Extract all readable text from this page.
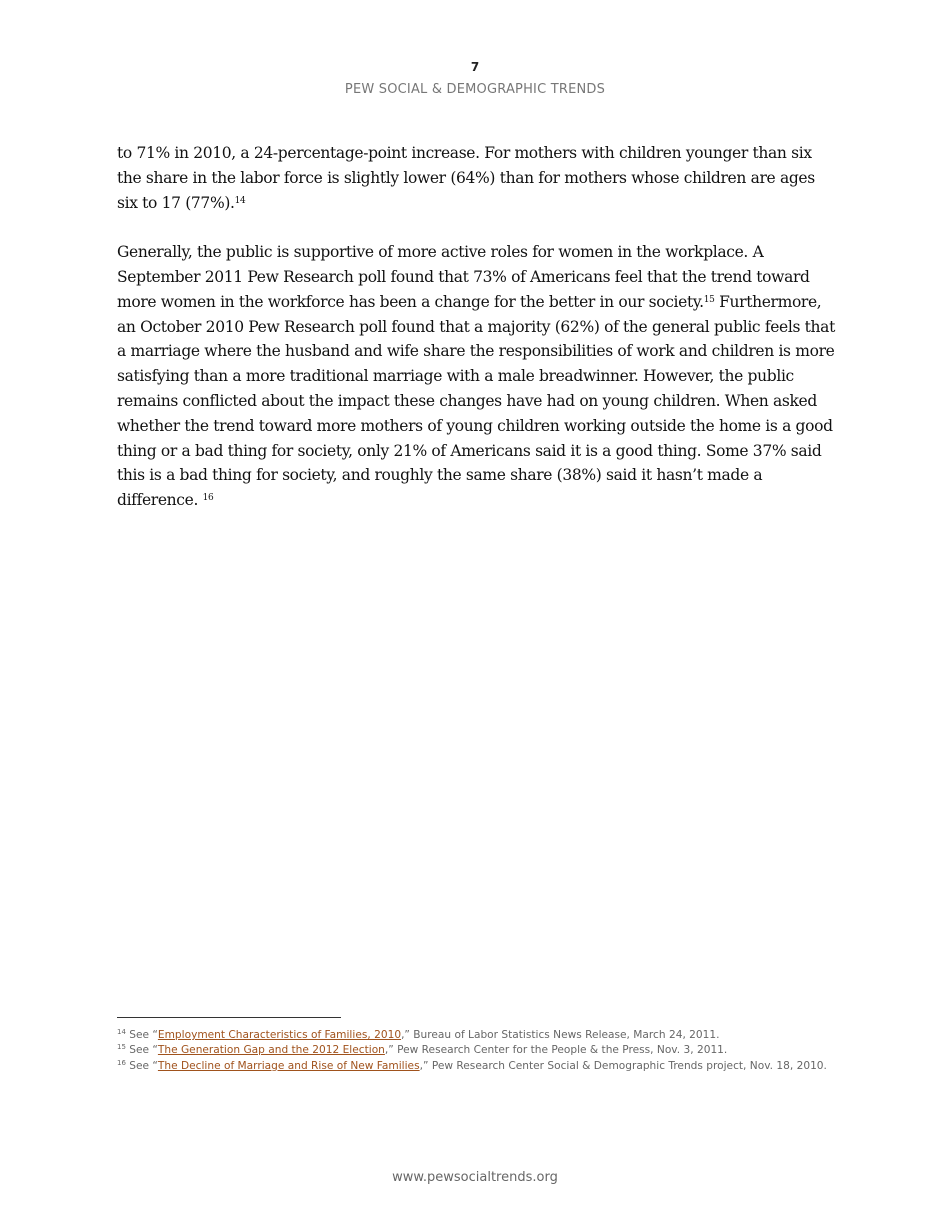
7
PEW SOCIAL & DEMOGRAPHIC TRENDS

to 71% in 2010, a 24-percentage-point increase. For mothers with children younger than six the share in the labor force is slightly lower (64%) than for mothers whose children are ages six to 17 (77%).$^{14}$

Generally, the public is supportive of more active roles for women in the workplace. A September 2011 Pew Research poll found that 73% of Americans feel that the trend toward more women in the workforce has been a change for the better in our society.$^{15}$ Furthermore, an October 2010 Pew Research poll found that a majority (62%) of the general public feels that a marriage where the husband and wife share the responsibilities of work and children is more satisfying than a more traditional marriage with a male breadwinner. However, the public remains conflicted about the impact these changes have had on young children. When asked whether the trend toward more mothers of young children working outside the home is a good thing or a bad thing for society, only 21% of Americans said it is a good thing. Some 37% said this is a bad thing for society, and roughly the same share (38%) said it hasn’t made a difference. $^{16}$

$^{14}$ See “Employment Characteristics of Families, 2010,” Bureau of Labor Statistics News Release, March 24, 2011.

$^{15}$ See “The Generation Gap and the 2012 Election,” Pew Research Center for the People & the Press, Nov. 3, 2011.

$^{16}$ See “The Decline of Marriage and Rise of New Families,” Pew Research Center Social & Demographic Trends project, Nov. 18, 2010.

www.pewsocialtrends.org
